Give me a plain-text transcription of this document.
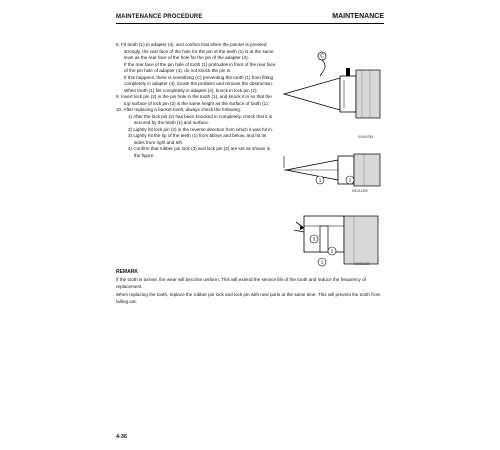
MAINTENANCE PROCEDURE	MAINTENANCE

8. Fit tooth (1) to adapter (4), and confirm that when the pointer is pressed strongly, the rear face of the hole for the pin of the teeth (1) is at the same level as the rear face of the hole for the pin of the adapter (4).

If the rear face of the pin hole of tooth (1) protrudes in front of the rear face of the pin hole of adapter (4), do not knock the pin in.

If this happens, there is something (C) preventing the tooth (1) from fitting completely in adapter (4), locate the problem and remove the obstruction. When tooth (1) fits completely in adapter (4), knock in lock pin (2).

9. Insert lock pin (2) in the pin hole in the tooth (1), and knock it in so that the top surface of lock pin (2) is the same height as the surface of tooth (1).

10. After replacing a bucket tooth, always check the following.

1) After the lock pin (2) has been knocked in completely, check that it is secured by the teeth (1) and surface.

2) Lightly hit lock pin (2) in the reverse direction from which it was hit in.

3) Lightly hit the tip of the teeth (1) from above and below, and hit its sides from right and left.

4) Confirm that rubber pin lock (3) and lock pin (2) are set as shown in the figure.

C
9JH00785
1	2
MK011390
3
2
1	MK011390
REMARK

If the tooth is turned, the wear will become uniform. This will extend the service life of the tooth and reduce the frequency of replacement.

When replacing the tooth, replace the rubber pin lock and lock pin with new parts at the same time. This will prevent the tooth from falling out.

4-36
